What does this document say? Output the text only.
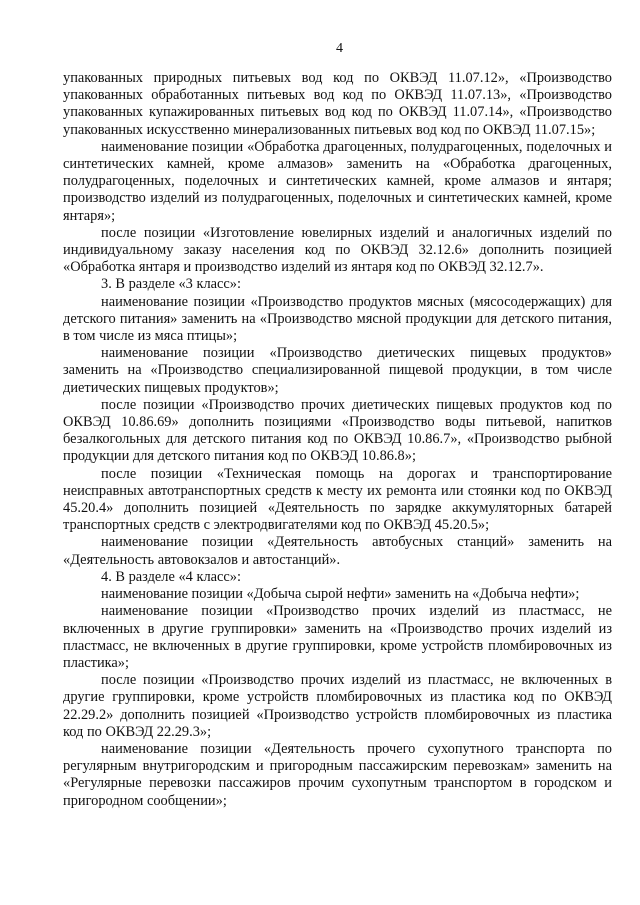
4

упакованных природных питьевых вод код по ОКВЭД 11.07.12», «Производство упакованных обработанных питьевых вод код по ОКВЭД 11.07.13», «Производство упакованных купажированных питьевых вод код по ОКВЭД 11.07.14», «Производство упакованных искусственно минерализованных питьевых вод код по ОКВЭД 11.07.15»;

наименование позиции «Обработка драгоценных, полудрагоценных, поделочных и синтетических камней, кроме алмазов» заменить на «Обработка драгоценных, полудрагоценных, поделочных и синтетических камней, кроме алмазов и янтаря; производство изделий из полудрагоценных, поделочных и синтетических камней, кроме янтаря»;

после позиции «Изготовление ювелирных изделий и аналогичных изделий по индивидуальному заказу населения код по ОКВЭД 32.12.6» дополнить позицией «Обработка янтаря и производство изделий из янтаря код по ОКВЭД 32.12.7».

3. В разделе «3 класс»:

наименование позиции «Производство продуктов мясных (мясосодержащих) для детского питания» заменить на «Производство мясной продукции для детского питания, в том числе из мяса птицы»;

наименование позиции «Производство диетических пищевых продуктов» заменить на «Производство специализированной пищевой продукции, в том числе диетических пищевых продуктов»;

после позиции «Производство прочих диетических пищевых продуктов код по ОКВЭД 10.86.69» дополнить позициями «Производство воды питьевой, напитков безалкогольных для детского питания код по ОКВЭД 10.86.7», «Производство рыбной продукции для детского питания код по ОКВЭД 10.86.8»;

после позиции «Техническая помощь на дорогах и транспортирование неисправных автотранспортных средств к месту их ремонта или стоянки код по ОКВЭД 45.20.4» дополнить позицией «Деятельность по зарядке аккумуляторных батарей транспортных средств с электродвигателями код по ОКВЭД 45.20.5»;

наименование позиции «Деятельность автобусных станций» заменить на «Деятельность автовокзалов и автостанций».

4. В разделе «4 класс»:

наименование позиции «Добыча сырой нефти» заменить на «Добыча нефти»;

наименование позиции «Производство прочих изделий из пластмасс, не включенных в другие группировки» заменить на «Производство прочих изделий из пластмасс, не включенных в другие группировки, кроме устройств пломбировочных из пластика»;

после позиции «Производство прочих изделий из пластмасс, не включенных в другие группировки, кроме устройств пломбировочных из пластика код по ОКВЭД 22.29.2» дополнить позицией «Производство устройств пломбировочных из пластика код по ОКВЭД 22.29.3»;

наименование позиции «Деятельность прочего сухопутного транспорта по регулярным внутригородским и пригородным пассажирским перевозкам» заменить на «Регулярные перевозки пассажиров прочим сухопутным транспортом в городском и пригородном сообщении»;
